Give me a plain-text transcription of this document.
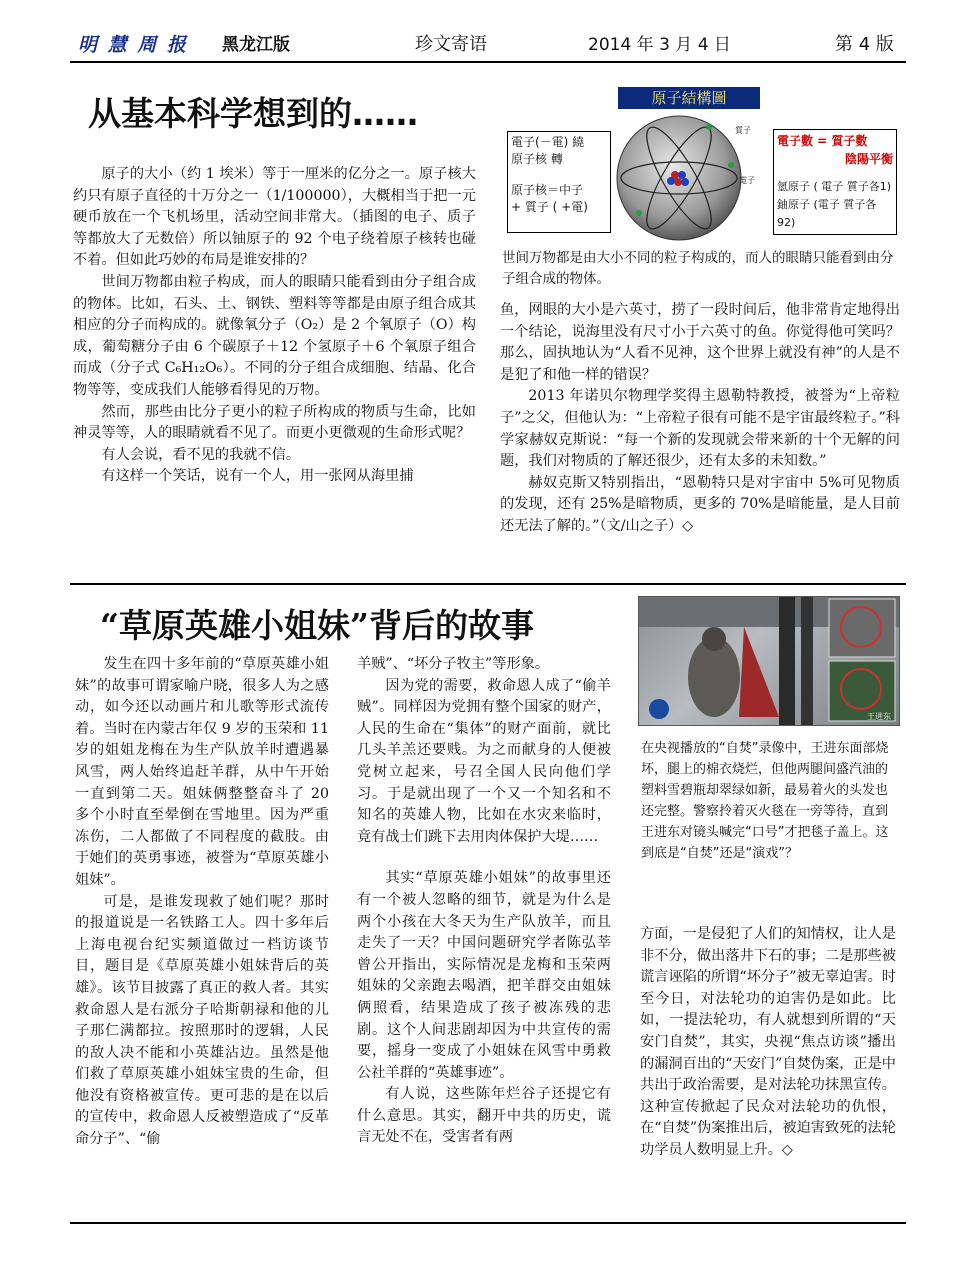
明 慧 周 报 黑龙江版	珍文寄语	2014 年 3 月 4 日	第 4 版
从基本科学想到的……	原子結構圖
電子(－電) 繞
原子核 轉
原子核＝中子
+ 質子 ( +電)
質子
電子
電子數 = 質子數
陰陽平衡
氫原子 ( 電子 質子各1)
鈾原子 (電子 質子各92)
世间万物都是由大小不同的粒子构成的，而人的眼睛只能看到由分子组合成的物体。

原子的大小（约 1 埃米）等于一厘米的亿分之一。原子核大约只有原子直径的十万分之一（1/100000），大概相当于把一元硬币放在一个飞机场里，活动空间非常大。（插图的电子、质子等都放大了无数倍）所以铀原子的 92 个电子绕着原子核转也碰不着。但如此巧妙的布局是谁安排的？

世间万物都由粒子构成，而人的眼睛只能看到由分子组合成的物体。比如，石头、土、钢铁、塑料等等都是由原子组合成其相应的分子而构成的。就像氧分子（O₂）是 2 个氧原子（O）构成，葡萄糖分子由 6 个碳原子＋12 个氢原子＋6 个氧原子组合而成（分子式 C₆H₁₂O₆）。不同的分子组合成细胞、结晶、化合物等等，变成我们人能够看得见的万物。

然而，那些由比分子更小的粒子所构成的物质与生命，比如神灵等等，人的眼睛就看不见了。而更小更微观的生命形式呢？

有人会说，看不见的我就不信。

有这样一个笑话，说有一个人，用一张网从海里捕

鱼，网眼的大小是六英寸，捞了一段时间后，他非常肯定地得出一个结论，说海里没有尺寸小于六英寸的鱼。你觉得他可笑吗？那么，固执地认为“人看不见神，这个世界上就没有神”的人是不是犯了和他一样的错误？

2013 年诺贝尔物理学奖得主恩勒特教授，被誉为“上帝粒子”之父，但他认为：“上帝粒子很有可能不是宇宙最终粒子。”科学家赫奴克斯说：“每一个新的发现就会带来新的十个无解的问题，我们对物质的了解还很少，还有太多的未知数。”

赫奴克斯又特别指出，“恩勒特只是对宇宙中 5%可见物质的发现，还有 25%是暗物质，更多的 70%是暗能量，是人目前还无法了解的。”（文/山之子）◇

“草原英雄小姐妹”背后的故事
王进东
在央视播放的“自焚”录像中，王进东面部烧坏，腿上的棉衣烧烂，但他两腿间盛汽油的塑料雪碧瓶却翠绿如新，最易着火的头发也还完整。警察拎着灭火毯在一旁等待，直到王进东对镜头喊完“口号”才把毯子盖上。这到底是“自焚”还是“演戏”？

发生在四十多年前的“草原英雄小姐妹”的故事可谓家喻户晓，很多人为之感动，如今还以动画片和儿歌等形式流传着。当时在内蒙古年仅 9 岁的玉荣和 11 岁的姐姐龙梅在为生产队放羊时遭遇暴风雪，两人始终追赶羊群，从中午开始一直到第二天。姐妹俩整整奋斗了 20 多个小时直至晕倒在雪地里。因为严重冻伤，二人都做了不同程度的截肢。由于她们的英勇事迹，被誉为“草原英雄小姐妹”。

可是，是谁发现救了她们呢？那时的报道说是一名铁路工人。四十多年后上海电视台纪实频道做过一档访谈节目，题目是《草原英雄小姐妹背后的英雄》。该节目披露了真正的救人者。其实救命恩人是右派分子哈斯朝禄和他的儿子那仁满都拉。按照那时的逻辑，人民的敌人决不能和小英雄沾边。虽然是他们救了草原英雄小姐妹宝贵的生命，但他没有资格被宣传。更可悲的是在以后的宣传中，救命恩人反被塑造成了“反革命分子”、“偷

羊贼”、“坏分子牧主”等形象。

因为党的需要，救命恩人成了“偷羊贼”。同样因为党拥有整个国家的财产，人民的生命在“集体”的财产面前，就比几头羊羔还要贱。为之而献身的人便被党树立起来，号召全国人民向他们学习。于是就出现了一个又一个知名和不知名的英雄人物，比如在水灾来临时，竟有战士们跳下去用肉体保护大堤……

其实“草原英雄小姐妹”的故事里还有一个被人忽略的细节，就是为什么是两个小孩在大冬天为生产队放羊，而且走失了一天？中国问题研究学者陈弘莘曾公开指出，实际情况是龙梅和玉荣两姐妹的父亲跑去喝酒，把羊群交由姐妹俩照看，结果造成了孩子被冻残的悲剧。这个人间悲剧却因为中共宣传的需要，摇身一变成了小姐妹在风雪中勇救公社羊群的“英雄事迹”。

有人说，这些陈年烂谷子还提它有什么意思。其实，翻开中共的历史，谎言无处不在，受害者有两

方面，一是侵犯了人们的知情权，让人是非不分，做出落井下石的事；二是那些被谎言诬陷的所谓“坏分子”被无辜迫害。时至今日，对法轮功的迫害仍是如此。比如，一提法轮功，有人就想到所谓的“天安门自焚”，其实，央视“焦点访谈”播出的漏洞百出的“天安门”自焚伪案，正是中共出于政治需要，是对法轮功抹黑宣传。这种宣传掀起了民众对法轮功的仇恨，在“自焚”伪案推出后，被迫害致死的法轮功学员人数明显上升。◇
